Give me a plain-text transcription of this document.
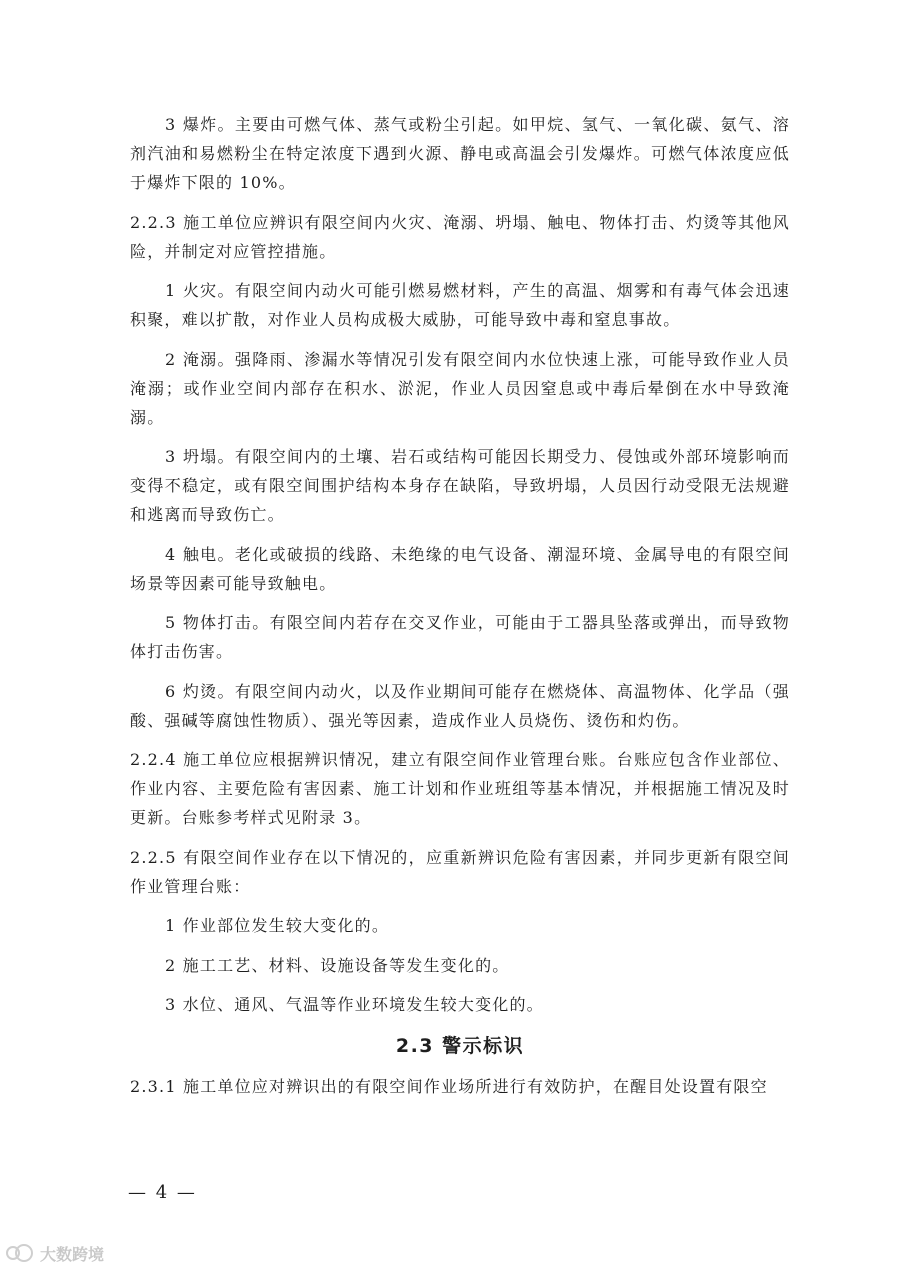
3 爆炸。主要由可燃气体、蒸气或粉尘引起。如甲烷、氢气、一氧化碳、氨气、溶剂汽油和易燃粉尘在特定浓度下遇到火源、静电或高温会引发爆炸。可燃气体浓度应低于爆炸下限的 10%。

2.2.3 施工单位应辨识有限空间内火灾、淹溺、坍塌、触电、物体打击、灼烫等其他风险，并制定对应管控措施。

1 火灾。有限空间内动火可能引燃易燃材料，产生的高温、烟雾和有毒气体会迅速积聚，难以扩散，对作业人员构成极大威胁，可能导致中毒和窒息事故。

2 淹溺。强降雨、渗漏水等情况引发有限空间内水位快速上涨，可能导致作业人员淹溺；或作业空间内部存在积水、淤泥，作业人员因窒息或中毒后晕倒在水中导致淹溺。

3 坍塌。有限空间内的土壤、岩石或结构可能因长期受力、侵蚀或外部环境影响而变得不稳定，或有限空间围护结构本身存在缺陷，导致坍塌，人员因行动受限无法规避和逃离而导致伤亡。

4 触电。老化或破损的线路、未绝缘的电气设备、潮湿环境、金属导电的有限空间场景等因素可能导致触电。

5 物体打击。有限空间内若存在交叉作业，可能由于工器具坠落或弹出，而导致物体打击伤害。

6 灼烫。有限空间内动火，以及作业期间可能存在燃烧体、高温物体、化学品（强酸、强碱等腐蚀性物质）、强光等因素，造成作业人员烧伤、烫伤和灼伤。

2.2.4 施工单位应根据辨识情况，建立有限空间作业管理台账。台账应包含作业部位、作业内容、主要危险有害因素、施工计划和作业班组等基本情况，并根据施工情况及时更新。台账参考样式见附录 3。

2.2.5 有限空间作业存在以下情况的，应重新辨识危险有害因素，并同步更新有限空间作业管理台账：

1 作业部位发生较大变化的。

2 施工工艺、材料、设施设备等发生变化的。

3 水位、通风、气温等作业环境发生较大变化的。

2.3 警示标识

2.3.1 施工单位应对辨识出的有限空间作业场所进行有效防护，在醒目处设置有限空

— 4 —
大数跨境
